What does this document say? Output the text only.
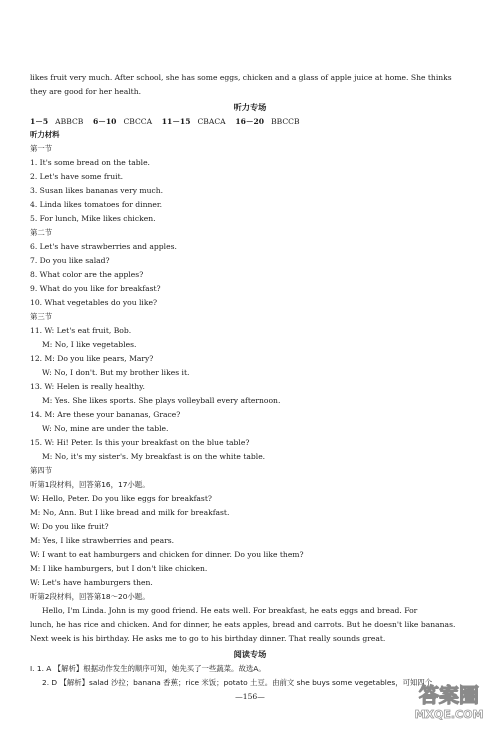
likes fruit very much. After school, she has some eggs, chicken and a glass of apple juice at home. She thinks
they are good for her health.
听力专场
1－5 ABBCB 6－10 CBCCA 11－15 CBACA 16－20 BBCCB
听力材料
第一节
1. It's some bread on the table.
2. Let's have some fruit.
3. Susan likes bananas very much.
4. Linda likes tomatoes for dinner.
5. For lunch, Mike likes chicken.
第二节
6. Let's have strawberries and apples.
7. Do you like salad?
8. What color are the apples?
9. What do you like for breakfast?
10. What vegetables do you like?
第三节
11. W: Let's eat fruit, Bob.
M: No, I like vegetables.
12. M: Do you like pears, Mary?
W: No, I don't. But my brother likes it.
13. W: Helen is really healthy.
M: Yes. She likes sports. She plays volleyball every afternoon.
14. M: Are these your bananas, Grace?
W: No, mine are under the table.
15. W: Hi! Peter. Is this your breakfast on the blue table?
M: No, it's my sister's. My breakfast is on the white table.
第四节
听第1段材料，回答第16，17小题。
W: Hello, Peter. Do you like eggs for breakfast?
M: No, Ann. But I like bread and milk for breakfast.
W: Do you like fruit?
M: Yes, I like strawberries and pears.
W: I want to eat hamburgers and chicken for dinner. Do you like them?
M: I like hamburgers, but I don't like chicken.
W: Let's have hamburgers then.
听第2段材料，回答第18～20小题。
Hello, I'm Linda. John is my good friend. He eats well. For breakfast, he eats eggs and bread. For
lunch, he has rice and chicken. And for dinner, he eats apples, bread and carrots. But he doesn't like bananas.
Next week is his birthday. He asks me to go to his birthday dinner. That really sounds great.
阅读专场
Ⅰ. 1. A 【解析】根据动作发生的顺序可知，她先买了一些蔬菜。故选A。
2. D 【解析】salad 沙拉；banana 香蕉；rice 米饭；potato 土豆。由前文 she buys some vegetables，可知四个
—156—	答案圈
MXQE.COM
